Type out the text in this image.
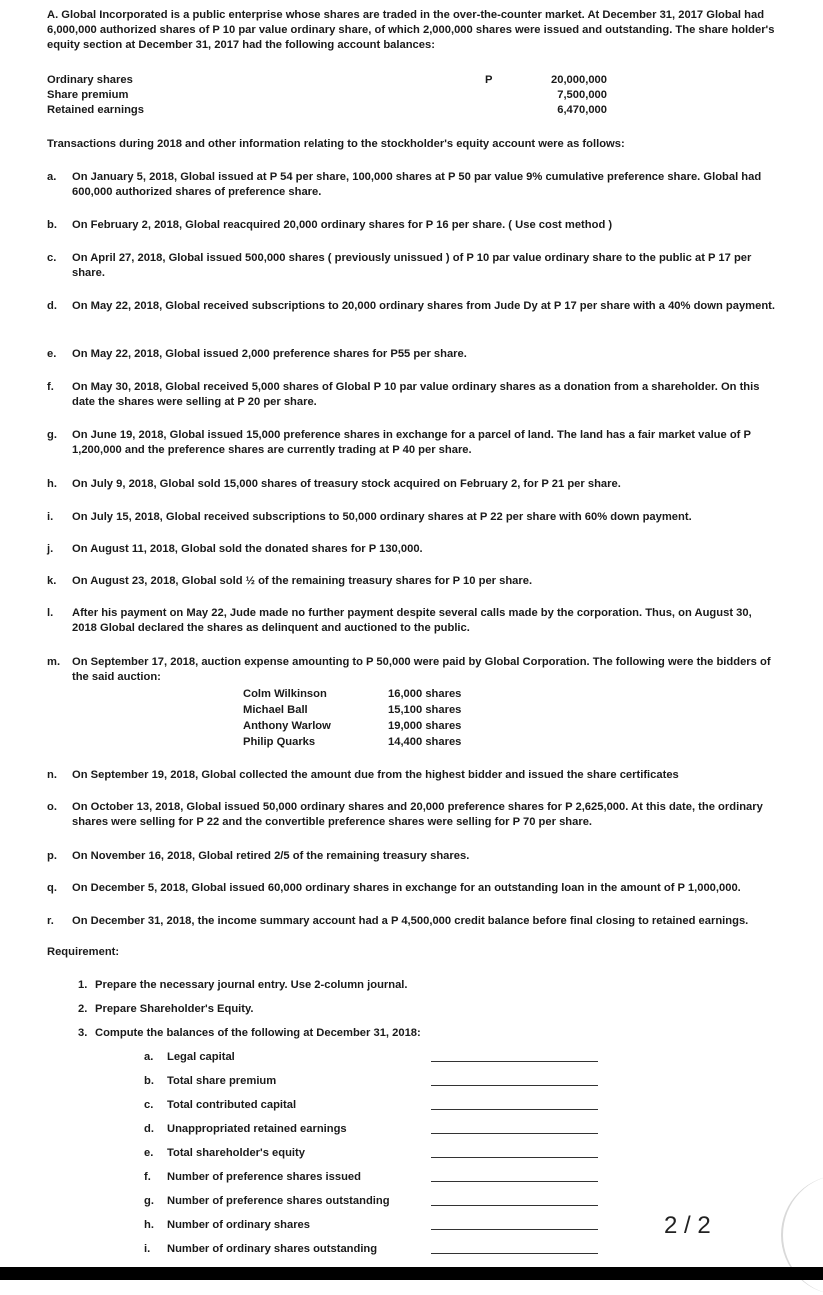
A. Global Incorporated is a public enterprise whose shares are traded in the over-the-counter market. At December 31, 2017 Global had 6,000,000 authorized shares of P 10 par value ordinary share, of which 2,000,000 shares were issued and outstanding. The share holder's equity section at December 31, 2017 had the following account balances:
Ordinary shares	P	20,000,000
Share premium	7,500,000
Retained earnings	6,470,000
Transactions during 2018 and other information relating to the stockholder's equity account were as follows:
a.	On January 5, 2018, Global issued at P 54 per share, 100,000 shares at P 50 par value 9% cumulative preference share. Global had 600,000 authorized shares of preference share.
b.	On February 2, 2018, Global reacquired 20,000 ordinary shares for P 16 per share. ( Use cost method )
c.	On April 27, 2018, Global issued 500,000 shares ( previously unissued ) of P 10 par value ordinary share to the public at P 17 per share.
d.	On May 22, 2018, Global received subscriptions to 20,000 ordinary shares from Jude Dy at P 17 per share with a 40% down payment.
e.	On May 22, 2018, Global issued 2,000 preference shares for P55 per share.
f.	On May 30, 2018, Global received 5,000 shares of Global P 10 par value ordinary shares as a donation from a shareholder. On this date the shares were selling at P 20 per share.
g.	On June 19, 2018, Global issued 15,000 preference shares in exchange for a parcel of land. The land has a fair market value of P 1,200,000 and the preference shares are currently trading at P 40 per share.
h.	On July 9, 2018, Global sold 15,000 shares of treasury stock acquired on February 2, for P 21 per share.
i.	On July 15, 2018, Global received subscriptions to 50,000 ordinary shares at P 22 per share with 60% down payment.
j.	On August 11, 2018, Global sold the donated shares for P 130,000.
k.	On August 23, 2018, Global sold ½ of the remaining treasury shares for P 10 per share.
l.	After his payment on May 22, Jude made no further payment despite several calls made by the corporation. Thus, on August 30, 2018 Global declared the shares as delinquent and auctioned to the public.
m.	On September 17, 2018, auction expense amounting to P 50,000 were paid by Global Corporation. The following were the bidders of the said auction:
Colm Wilkinson	16,000 shares
Michael Ball	15,100 shares
Anthony Warlow	19,000 shares
Philip Quarks	14,400 shares
n.	On September 19, 2018, Global collected the amount due from the highest bidder and issued the share certificates
o.	On October 13, 2018, Global issued 50,000 ordinary shares and 20,000 preference shares for P 2,625,000. At this date, the ordinary shares were selling for P 22 and the convertible preference shares were selling for P 70 per share.
p.	On November 16, 2018, Global retired 2/5 of the remaining treasury shares.
q.	On December 5, 2018, Global issued 60,000 ordinary shares in exchange for an outstanding loan in the amount of P 1,000,000.
r.	On December 31, 2018, the income summary account had a P 4,500,000 credit balance before final closing to retained earnings.
Requirement:
1. Prepare the necessary journal entry. Use 2-column journal.
2. Prepare Shareholder's Equity.
3. Compute the balances of the following at December 31, 2018:
a. Legal capital
b. Total share premium
c. Total contributed capital
d. Unappropriated retained earnings
e. Total shareholder's equity
f. Number of preference shares issued
g. Number of preference shares outstanding
h. Number of ordinary shares
i. Number of ordinary shares outstanding
2 / 2
